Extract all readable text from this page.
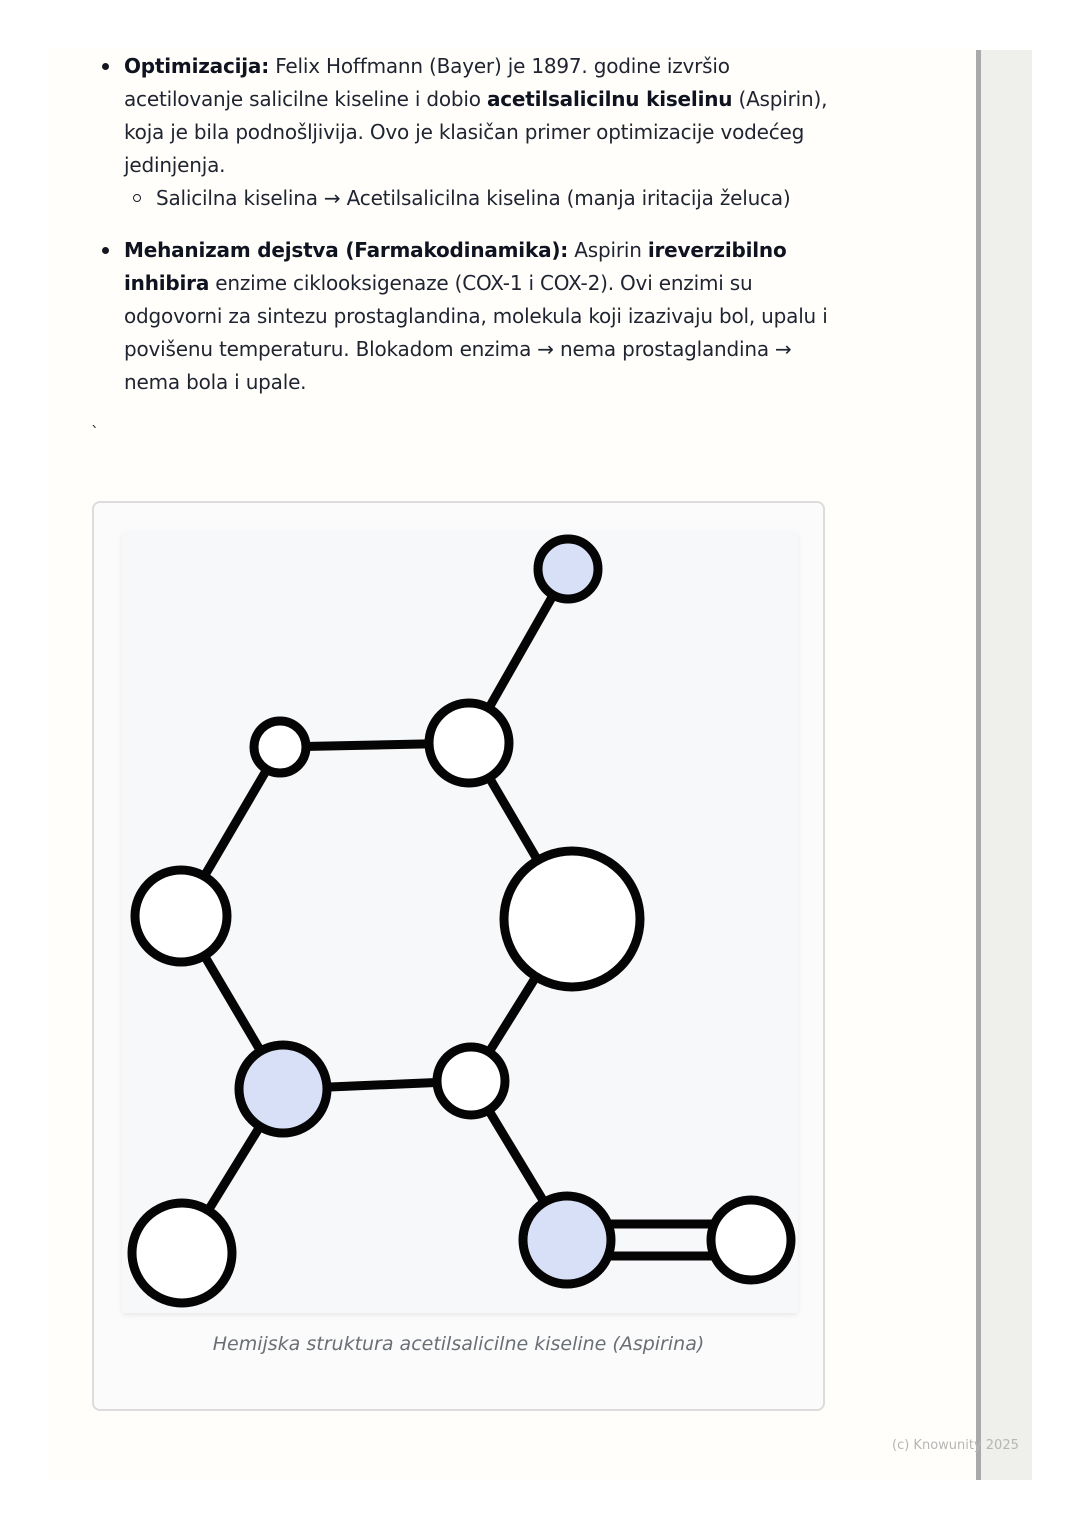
Optimizacija: Felix Hoffmann (Bayer) je 1897. godine izvršio acetilovanje salicilne kiseline i dobio acetilsalicilnu kiselinu (Aspirin), koja je bila podnošljivija. Ovo je klasičan primer optimizacije vodećeg jedinjenja.
Salicilna kiselina → Acetilsalicilna kiselina (manja iritacija želuca)
Mehanizam dejstva (Farmakodinamika): Aspirin ireverzibilno inhibira enzime ciklooksigenaze (COX-1 i COX-2). Ovi enzimi su odgovorni za sintezu prostaglandina, molekula koji izazivaju bol, upalu i povišenu temperaturu. Blokadom enzima → nema prostaglandina → nema bola i upale.
`
Hemijska struktura acetilsalicilne kiseline (Aspirina)
(c) Knowunity 2025
